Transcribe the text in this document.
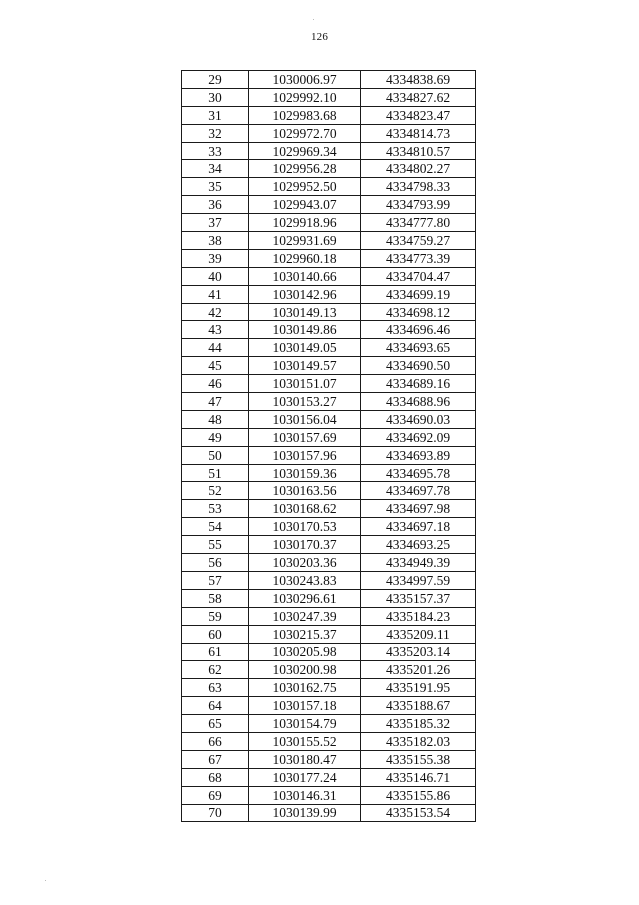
126
29	1030006.97	4334838.69
30	1029992.10	4334827.62
31	1029983.68	4334823.47
32	1029972.70	4334814.73
33	1029969.34	4334810.57
34	1029956.28	4334802.27
35	1029952.50	4334798.33
36	1029943.07	4334793.99
37	1029918.96	4334777.80
38	1029931.69	4334759.27
39	1029960.18	4334773.39
40	1030140.66	4334704.47
41	1030142.96	4334699.19
42	1030149.13	4334698.12
43	1030149.86	4334696.46
44	1030149.05	4334693.65
45	1030149.57	4334690.50
46	1030151.07	4334689.16
47	1030153.27	4334688.96
48	1030156.04	4334690.03
49	1030157.69	4334692.09
50	1030157.96	4334693.89
51	1030159.36	4334695.78
52	1030163.56	4334697.78
53	1030168.62	4334697.98
54	1030170.53	4334697.18
55	1030170.37	4334693.25
56	1030203.36	4334949.39
57	1030243.83	4334997.59
58	1030296.61	4335157.37
59	1030247.39	4335184.23
60	1030215.37	4335209.11
61	1030205.98	4335203.14
62	1030200.98	4335201.26
63	1030162.75	4335191.95
64	1030157.18	4335188.67
65	1030154.79	4335185.32
66	1030155.52	4335182.03
67	1030180.47	4335155.38
68	1030177.24	4335146.71
69	1030146.31	4335155.86
70	1030139.99	4335153.54
